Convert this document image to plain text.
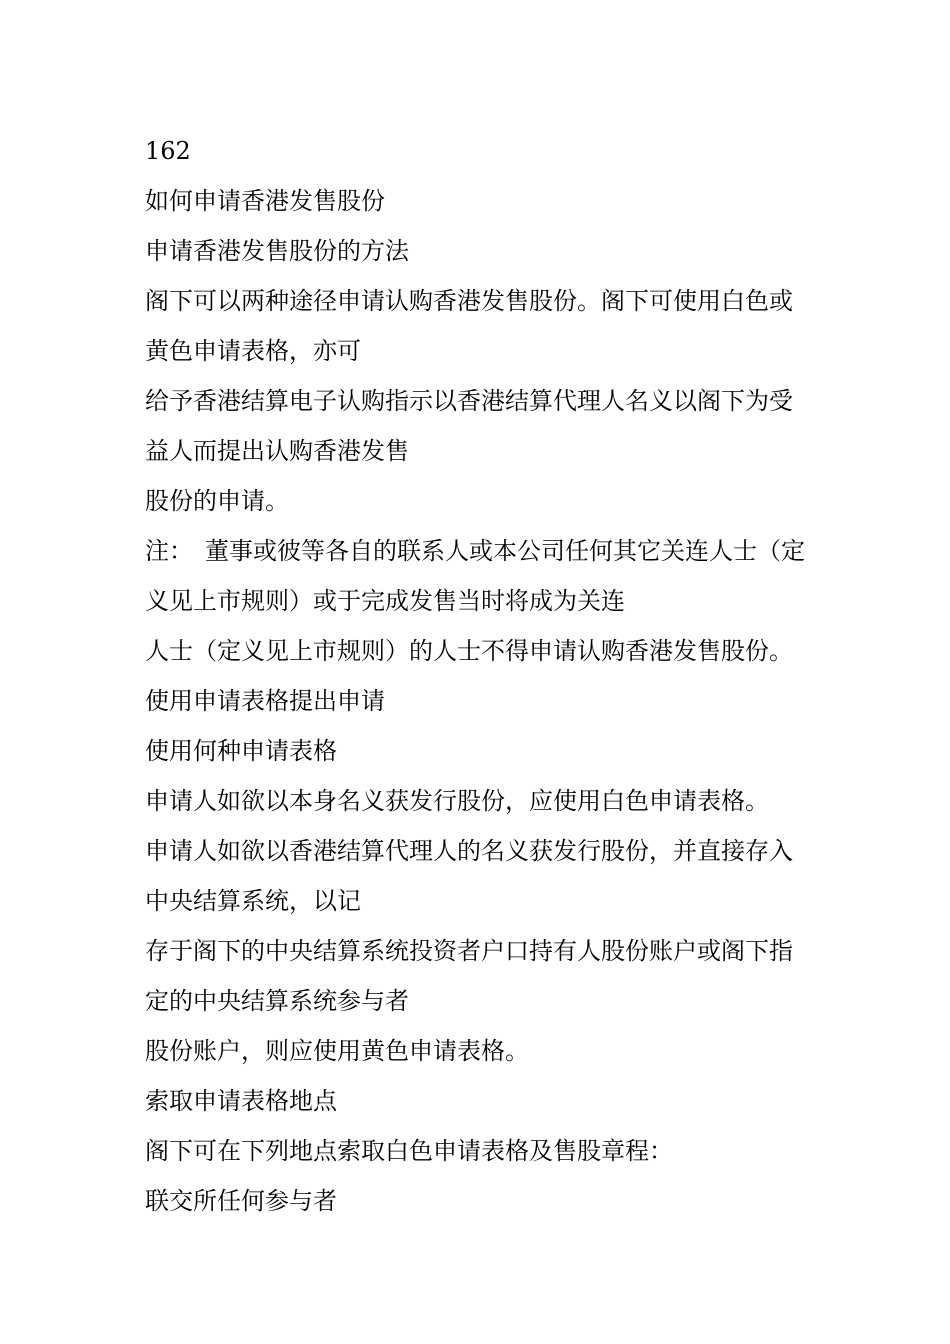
162
如何申请香港发售股份
申请香港发售股份的方法
阁下可以两种途径申请认购香港发售股份。阁下可使用白色或
黄色申请表格，亦可
给予香港结算电子认购指示以香港结算代理人名义以阁下为受
益人而提出认购香港发售
股份的申请。
注：　董事或彼等各自的联系人或本公司任何其它关连人士（定
义见上市规则）或于完成发售当时将成为关连
人士（定义见上市规则）的人士不得申请认购香港发售股份。
使用申请表格提出申请
使用何种申请表格
申请人如欲以本身名义获发行股份，应使用白色申请表格。
申请人如欲以香港结算代理人的名义获发行股份，并直接存入
中央结算系统，以记
存于阁下的中央结算系统投资者户口持有人股份账户或阁下指
定的中央结算系统参与者
股份账户，则应使用黄色申请表格。
索取申请表格地点
阁下可在下列地点索取白色申请表格及售股章程：
联交所任何参与者
